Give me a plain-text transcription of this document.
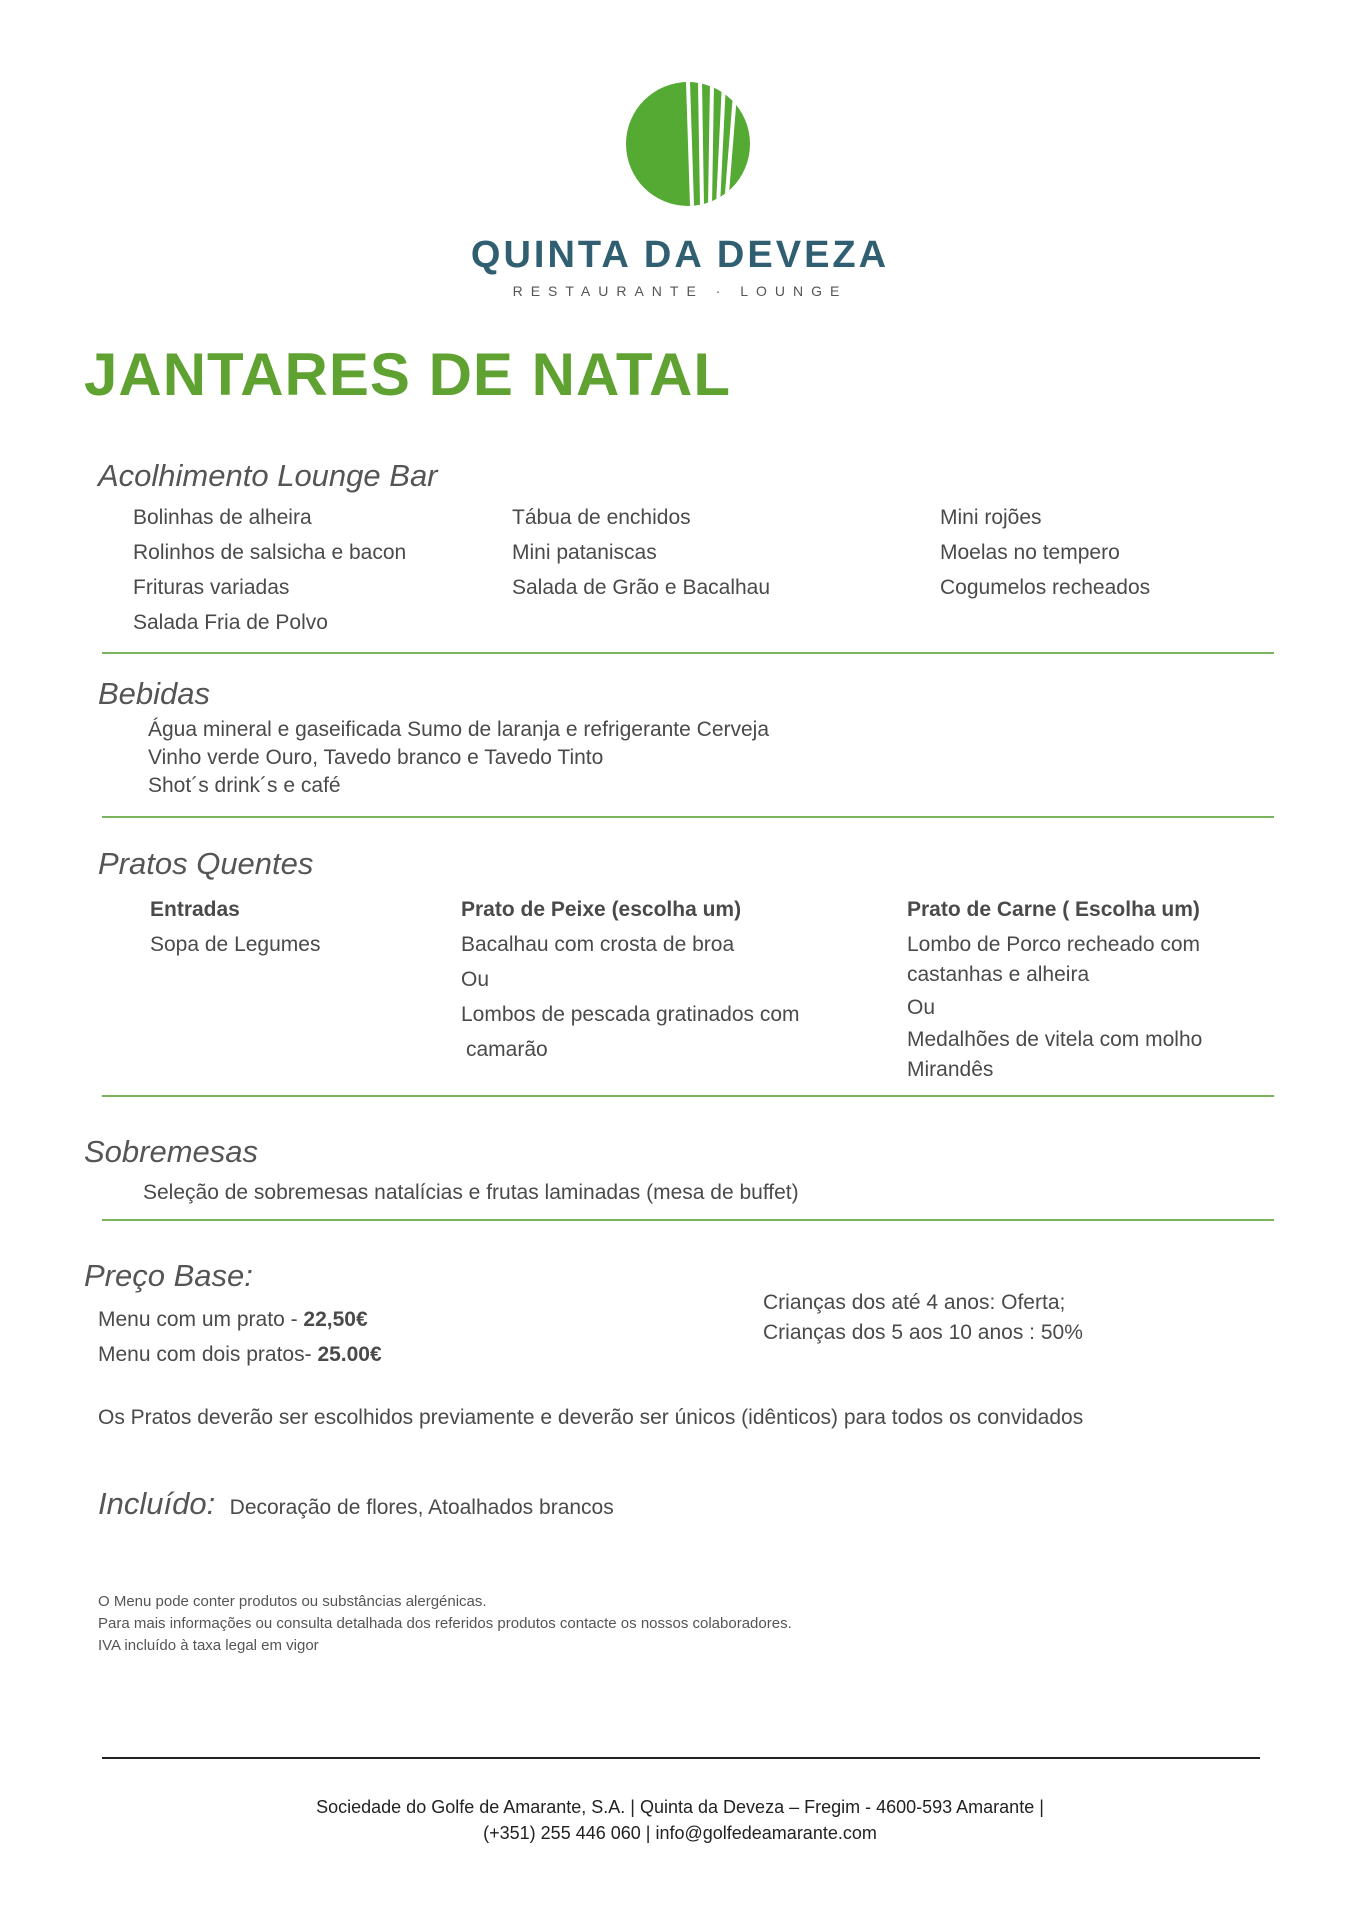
QUINTA DA DEVEZA
RESTAURANTE · LOUNGE
JANTARES DE NATAL
Acolhimento Lounge Bar
Bolinhas de alheira
Rolinhos de salsicha e bacon
Frituras variadas
Salada Fria de Polvo
Tábua de enchidos
Mini pataniscas
Salada de Grão e Bacalhau
Mini rojões
Moelas no tempero
Cogumelos recheados
Bebidas
Água mineral e gaseificada Sumo de laranja e refrigerante Cerveja
Vinho verde Ouro, Tavedo branco e Tavedo Tinto
Shot´s drink´s e café
Pratos Quentes
Entradas
Sopa de Legumes
Prato de Peixe (escolha um)
Bacalhau com crosta de broa
Ou
Lombos de pescada gratinados com
camarão
Prato de Carne ( Escolha um)
Lombo de Porco recheado com
castanhas e alheira
Ou
Medalhões de vitela com molho
Mirandês
Sobremesas
Seleção de sobremesas natalícias e frutas laminadas (mesa de buffet)
Preço Base:
Menu com um prato - 22,50€
Menu com dois pratos- 25.00€
Crianças dos até 4 anos: Oferta;
Crianças dos 5 aos 10 anos : 50%
Os Pratos deverão ser escolhidos previamente e deverão ser únicos (idênticos) para todos os convidados
Incluído: Decoração de flores, Atoalhados brancos
O Menu pode conter produtos ou substâncias alergénicas.
Para mais informações ou consulta detalhada dos referidos produtos contacte os nossos colaboradores.
IVA incluído à taxa legal em vigor
Sociedade do Golfe de Amarante, S.A. | Quinta da Deveza – Fregim - 4600-593 Amarante |
(+351) 255 446 060 | info@golfedeamarante.com
